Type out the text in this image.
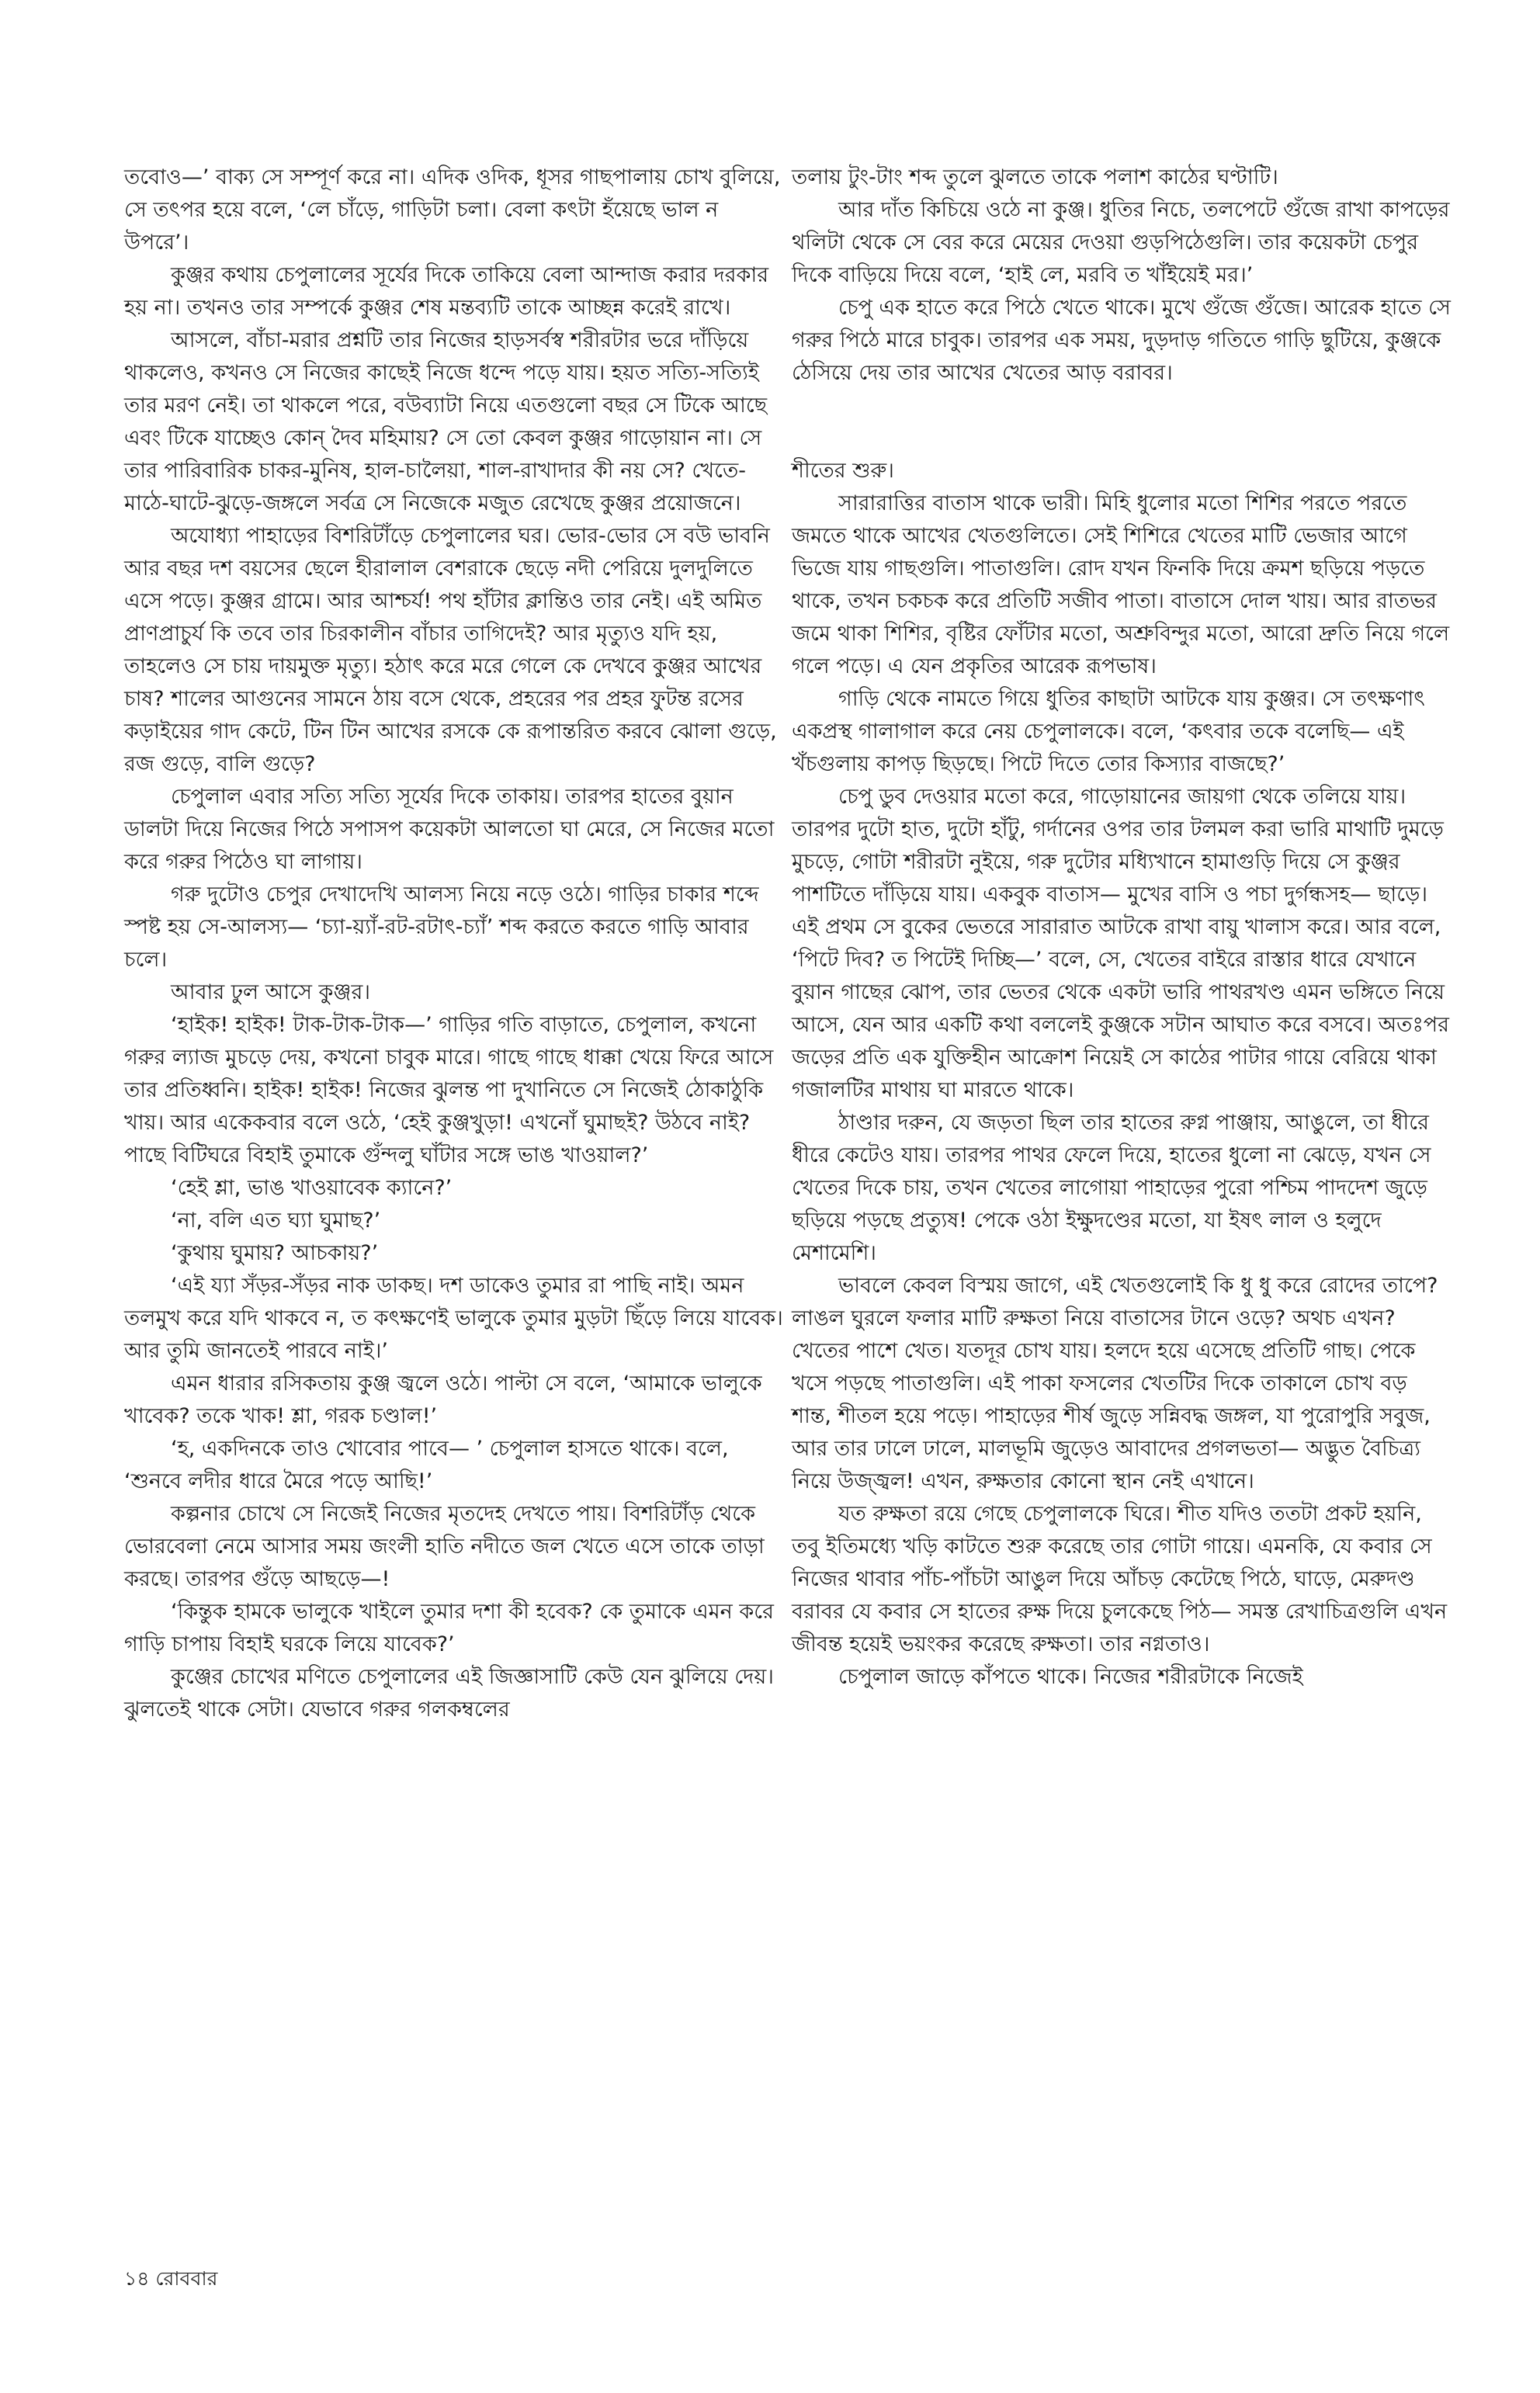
তবোও—’ বাক্য সে সম্পূর্ণ করে না। এদিক ওদিক, ধূসর গাছপালায় চোখ বুলিয়ে, সে তৎপর হয়ে বলে, ‘লে চাঁড়ে, গাড়িটা চলা। বেলা কৎটা হঁয়েছে ভাল ন উপরে’।

কুঞ্জর কথায় চেপুলালের সূর্যের দিকে তাকিয়ে বেলা আন্দাজ করার দরকার হয় না। তখনও তার সম্পর্কে কুঞ্জর শেষ মন্তব্যটি তাকে আচ্ছন্ন করেই রাখে।

আসলে, বাঁচা-মরার প্রশ্নটি তার নিজের হাড়সর্বস্ব শরীরটার ভরে দাঁড়িয়ে থাকলেও, কখনও সে নিজের কাছেই নিজে ধন্দে পড়ে যায়। হয়ত সত্যি-সত্যিই তার মরণ নেই। তা থাকলে পরে, বউব্যাটা নিয়ে এতগুলো বছর সে টিকে আছে এবং টিকে যাচ্ছেও কোন্ দৈব মহিমায়? সে তো কেবল কুঞ্জর গাড়োয়ান না। সে তার পারিবারিক চাকর-মুনিষ, হাল-চালৈয়া, শাল-রাখাদার কী নয় সে? খেতে-মাঠে-ঘাটে-ঝুড়ে-জঙ্গলে সর্বত্র সে নিজেকে মজুত রেখেছে কুঞ্জর প্রয়োজনে।

অযোধ্যা পাহাড়ের বিশরিটাঁড়ে চেপুলালের ঘর। ভোর-ভোর সে বউ ভাবনি আর বছর দশ বয়সের ছেলে হীরালাল বেশরাকে ছেড়ে নদী পেরিয়ে দুলদুলিতে এসে পড়ে। কুঞ্জর গ্রামে। আর আশ্চর্য! পথ হাঁটার ক্লান্তিও তার নেই। এই অমিত প্রাণপ্রাচুর্য কি তবে তার চিরকালীন বাঁচার তাগিদেই? আর মৃত্যুও যদি হয়, তাহলেও সে চায় দায়মুক্ত মৃত্যু। হঠাৎ করে মরে গেলে কে দেখবে কুঞ্জর আখের চাষ? শালের আগুনের সামনে ঠায় বসে থেকে, প্রহরের পর প্রহর ফুটন্ত রসের কড়াইয়ের গাদ কেটে, টিন টিন আখের রসকে কে রূপান্তরিত করবে ঝোলা গুড়ে, রজ গুড়ে, বালি গুড়ে?

চেপুলাল এবার সত্যি সত্যি সূর্যের দিকে তাকায়। তারপর হাতের বুয়ান ডালটা দিয়ে নিজের পিঠে সপাসপ কয়েকটা আলতো ঘা মেরে, সে নিজের মতো করে গরুর পিঠেও ঘা লাগায়।

গরু দুটোও চেপুর দেখাদেখি আলস্য নিয়ে নড়ে ওঠে। গাড়ির চাকার শব্দে স্পষ্ট হয় সে-আলস্য— ‘চ্যা-য়্যাঁ-রট-রটাৎ-চ্যাঁ’ শব্দ করতে করতে গাড়ি আবার চলে।

আবার ঢুল আসে কুঞ্জর।

‘হাইক! হাইক! টাক-টাক-টাক—’ গাড়ির গতি বাড়াতে, চেপুলাল, কখনো গরুর ল্যাজ মুচড়ে দেয়, কখনো চাবুক মারে। গাছে গাছে ধাক্কা খেয়ে ফিরে আসে তার প্রতিধ্বনি। হাইক! হাইক! নিজের ঝুলন্ত পা দুখানিতে সে নিজেই ঠোকাঠুকি খায়। আর একেকবার বলে ওঠে, ‘হেই কুঞ্জখুড়া! এখনোঁ ঘুমাছই? উঠবে নাই? পাছে বিটিঘরে বিহাই তুমাকে গুঁন্দলু ঘাঁটার সঙ্গে ভাঙ খাওয়াল?’

‘হেই শ্লা, ভাঙ খাওয়াবেক ক্যানে?’

‘না, বলি এত ঘ্যা ঘুমাছ?’

‘কুথায় ঘুমায়? আচকায়?’

‘এই য্যা সঁড়র-সঁড়র নাক ডাকছ। দশ ডাকেও তুমার রা পাছি নাই। অমন তলমুখ করে যদি থাকবে ন, ত কৎক্ষণেই ভালুকে তুমার মুড়টা ছিঁড়ে লিয়ে যাবেক। আর তুমি জানতেই পারবে নাই।’

এমন ধারার রসিকতায় কুঞ্জ জ্বলে ওঠে। পাল্টা সে বলে, ‘আমাকে ভালুকে খাবেক? তকে খাক! শ্লা, গরক চণ্ডাল!’

‘হ, একদিনকে তাও খোবোর পাবে— ’ চেপুলাল হাসতে থাকে। বলে, ‘শুনবে লদীর ধারে মৈরে পড়ে আছি!’

কল্পনার চোখে সে নিজেই নিজের মৃতদেহ দেখতে পায়। বিশরিটাঁড় থেকে ভোরবেলা নেমে আসার সময় জংলী হাতি নদীতে জল খেতে এসে তাকে তাড়া করছে। তারপর গুঁড়ে আছড়ে—!

‘কিন্তুক হামকে ভালুকে খাইলে তুমার দশা কী হবেক? কে তুমাকে এমন করে গাড়ি চাপায় বিহাই ঘরকে লিয়ে যাবেক?’

কুঞ্জের চোখের মণিতে চেপুলালের এই জিজ্ঞাসাটি কেউ যেন ঝুলিয়ে দেয়। ঝুলতেই থাকে সেটা। যেভাবে গরুর গলকম্বলের

তলায় টুং-টাং শব্দ তুলে ঝুলতে তাকে পলাশ কাঠের ঘণ্টাটি।

আর দাঁত কিচিয়ে ওঠে না কুঞ্জ। ধুতির নিচে, তলপেটে গুঁজে রাখা কাপড়ের থলিটা থেকে সে বের করে মেয়ের দেওয়া গুড়পিঠেগুলি। তার কয়েকটা চেপুর দিকে বাড়িয়ে দিয়ে বলে, ‘হাই লে, মরবি ত খাঁইয়েই মর।’

চেপু এক হাতে করে পিঠে খেতে থাকে। মুখে গুঁজে গুঁজে। আরেক হাতে সে গরুর পিঠে মারে চাবুক। তারপর এক সময়, দুড়দাড় গতিতে গাড়ি ছুটিয়ে, কুঞ্জকে ঠেসিয়ে দেয় তার আখের খেতের আড় বরাবর।

শীতের শুরু।

সারারাত্তির বাতাস থাকে ভারী। মিহি ধুলোর মতো শিশির পরতে পরতে জমতে থাকে আখের খেতগুলিতে। সেই শিশিরে খেতের মাটি ভেজার আগে ভিজে যায় গাছগুলি। পাতাগুলি। রোদ যখন ফিনকি দিয়ে ক্রমশ ছড়িয়ে পড়তে থাকে, তখন চকচক করে প্রতিটি সজীব পাতা। বাতাসে দোল খায়। আর রাতভর জমে থাকা শিশির, বৃষ্টির ফোঁটার মতো, অশ্রুবিন্দুর মতো, আরো দ্রুতি নিয়ে গলে গলে পড়ে। এ যেন প্রকৃতির আরেক রূপভাষ।

গাড়ি থেকে নামতে গিয়ে ধুতির কাছাটা আটকে যায় কুঞ্জর। সে তৎক্ষণাৎ একপ্রস্থ গালাগাল করে নেয় চেপুলালকে। বলে, ‘কৎবার তকে বলেছি— এই খঁচগুলায় কাপড় ছিড়ছে। পিটে দিতে তোর কিস্যার বাজছে?’

চেপু ডুব দেওয়ার মতো করে, গাড়োয়ানের জায়গা থেকে তলিয়ে যায়। তারপর দুটো হাত, দুটো হাঁটু, গর্দানের ওপর তার টলমল করা ভারি মাথাটি দুমড়ে মুচড়ে, গোটা শরীরটা নুইয়ে, গরু দুটোর মধ্যিখানে হামাগুড়ি দিয়ে সে কুঞ্জর পাশটিতে দাঁড়িয়ে যায়। একবুক বাতাস— মুখের বাসি ও পচা দুর্গন্ধসহ— ছাড়ে। এই প্রথম সে বুকের ভেতরে সারারাত আটকে রাখা বায়ু খালাস করে। আর বলে, ‘পিটে দিব? ত পিটেই দিচ্ছি—’ বলে, সে, খেতের বাইরে রাস্তার ধারে যেখানে বুয়ান গাছের ঝোপ, তার ভেতর থেকে একটা ভারি পাথরখণ্ড এমন ভঙ্গিতে নিয়ে আসে, যেন আর একটি কথা বললেই কুঞ্জকে সটান আঘাত করে বসবে। অতঃপর জড়ের প্রতি এক যুক্তিহীন আক্রোশ নিয়েই সে কাঠের পাটার গায়ে বেরিয়ে থাকা গজালটির মাথায় ঘা মারতে থাকে।

ঠাণ্ডার দরুন, যে জড়তা ছিল তার হাতের রুগ্ন পাঞ্জায়, আঙুলে, তা ধীরে ধীরে কেটেও যায়। তারপর পাথর ফেলে দিয়ে, হাতের ধুলো না ঝেড়ে, যখন সে খেতের দিকে চায়, তখন খেতের লাগোয়া পাহাড়ের পুরো পশ্চিম পাদদেশ জুড়ে ছড়িয়ে পড়ছে প্রত্যুষ! পেকে ওঠা ইক্ষুদণ্ডের মতো, যা ইষৎ লাল ও হলুদে মেশামেশি।

ভাবলে কেবল বিস্ময় জাগে, এই খেতগুলোই কি ধু ধু করে রোদের তাপে? লাঙল ঘুরলে ফলার মাটি রুক্ষতা নিয়ে বাতাসের টানে ওড়ে? অথচ এখন? খেতের পাশে খেত। যতদূর চোখ যায়। হলদে হয়ে এসেছে প্রতিটি গাছ। পেকে খসে পড়ছে পাতাগুলি। এই পাকা ফসলের খেতটির দিকে তাকালে চোখ বড় শান্ত, শীতল হয়ে পড়ে। পাহাড়ের শীর্ষ জুড়ে সন্নিবদ্ধ জঙ্গল, যা পুরোপুরি সবুজ, আর তার ঢালে ঢালে, মালভূমি জুড়েও আবাদের প্রগলভতা— অদ্ভুত বৈচিত্র্য নিয়ে উজ্জ্বল! এখন, রুক্ষতার কোনো স্থান নেই এখানে।

যত রুক্ষতা রয়ে গেছে চেপুলালকে ঘিরে। শীত যদিও ততটা প্রকট হয়নি, তবু ইতিমধ্যে খড়ি কাটতে শুরু করেছে তার গোটা গায়ে। এমনকি, যে কবার সে নিজের থাবার পাঁচ-পাঁচটা আঙুল দিয়ে আঁচড় কেটেছে পিঠে, ঘাড়ে, মেরুদণ্ড বরাবর যে কবার সে হাতের রুক্ষ দিয়ে চুলকেছে পিঠ— সমস্ত রেখাচিত্রগুলি এখন জীবন্ত হয়েই ভয়ংকর করেছে রুক্ষতা। তার নগ্নতাও।

চেপুলাল জাড়ে কাঁপতে থাকে। নিজের শরীরটাকে নিজেই

১৪ রোববার
